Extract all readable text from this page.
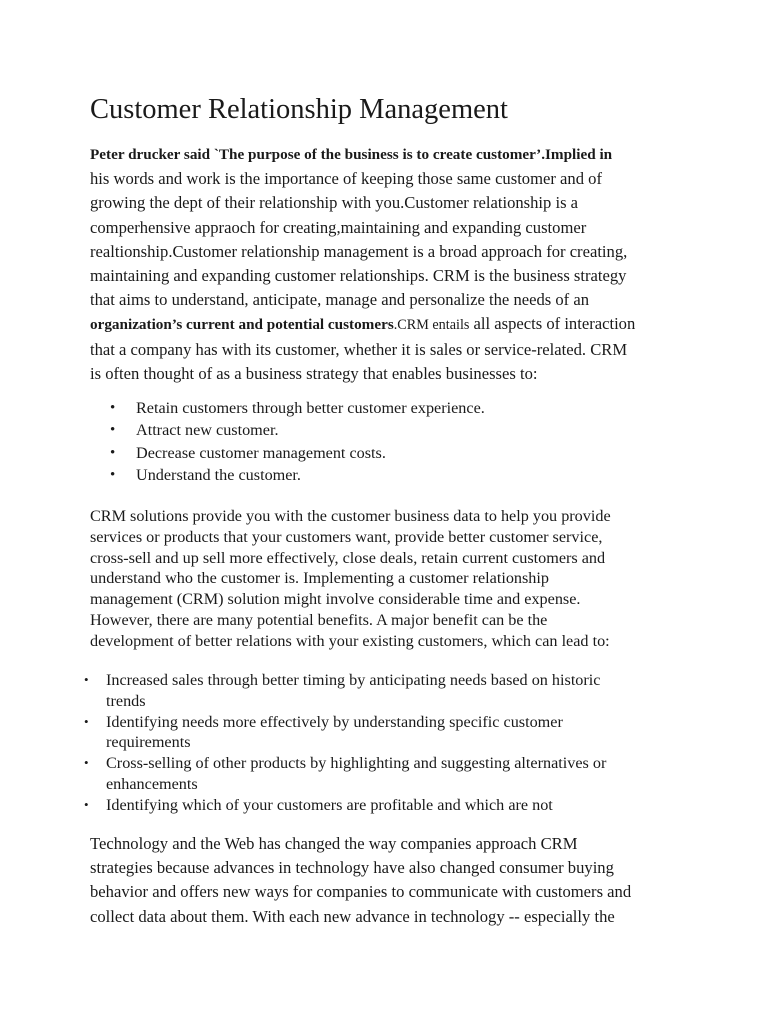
Customer Relationship Management

Peter drucker said `The purpose of the business is to create customer’.Implied in
his words and work is the importance of keeping those same customer and of
growing the dept of their relationship with you.Customer relationship is a
comperhensive appraoch for creating,maintaining and expanding customer
realtionship.Customer relationship management is a broad approach for creating,
maintaining and expanding customer relationships. CRM is the business strategy
that aims to understand, anticipate, manage and personalize the needs of an
organization’s current and potential customers.CRM entails all aspects of interaction
that a company has with its customer, whether it is sales or service-related. CRM
is often thought of as a business strategy that enables businesses to:

• Retain customers through better customer experience.
• Attract new customer.
• Decrease customer management costs.
• Understand the customer.

CRM solutions provide you with the customer business data to help you provide
services or products that your customers want, provide better customer service,
cross-sell and up sell more effectively, close deals, retain current customers and
understand who the customer is. Implementing a customer relationship
management (CRM) solution might involve considerable time and expense.
However, there are many potential benefits. A major benefit can be the
development of better relations with your existing customers, which can lead to:

• Increased sales through better timing by anticipating needs based on historic
trends
• Identifying needs more effectively by understanding specific customer
requirements
• Cross-selling of other products by highlighting and suggesting alternatives or
enhancements
• Identifying which of your customers are profitable and which are not

Technology and the Web has changed the way companies approach CRM
strategies because advances in technology have also changed consumer buying
behavior and offers new ways for companies to communicate with customers and
collect data about them. With each new advance in technology -- especially the
